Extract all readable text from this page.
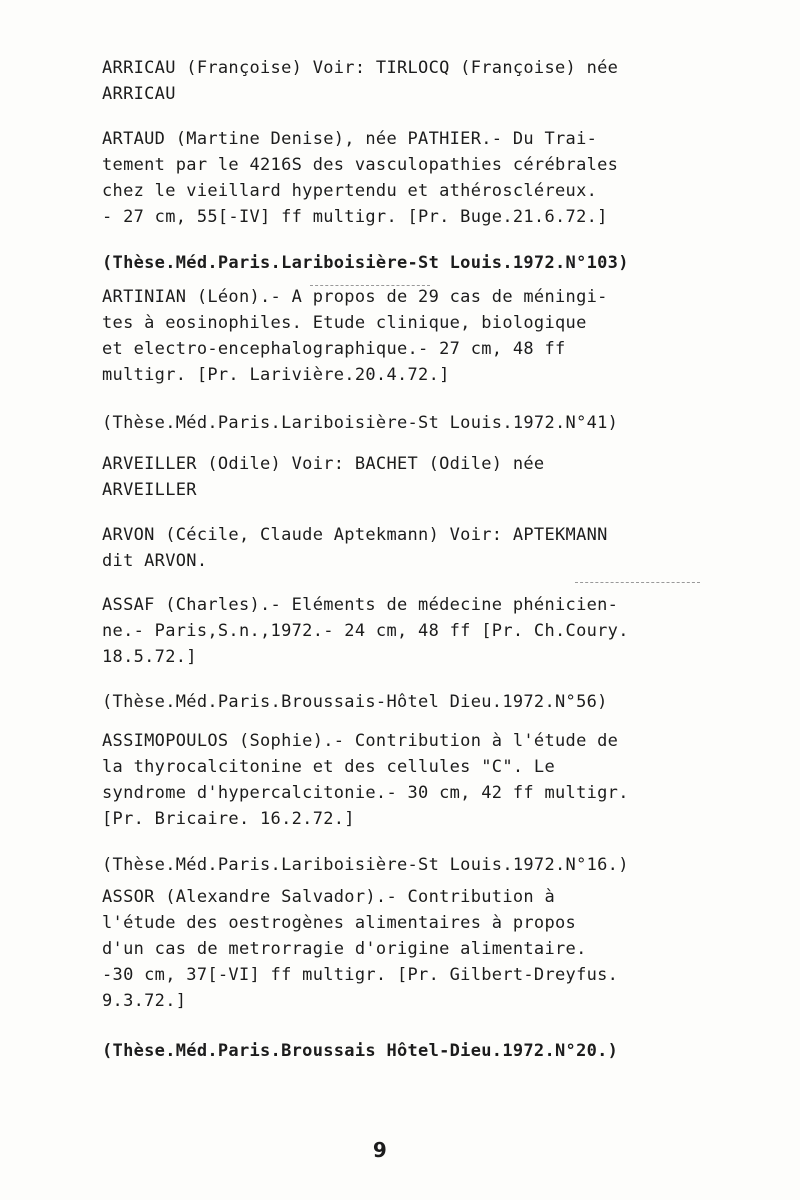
ARRICAU (Françoise) Voir: TIRLOCQ (Françoise) née
ARRICAU
ARTAUD (Martine Denise), née PATHIER.- Du Trai-
tement par le 4216S des vasculopathies cérébrales
chez le vieillard hypertendu et athéroscléreux.
- 27 cm, 55[-IV] ff multigr. [Pr. Buge.21.6.72.]
(Thèse.Méd.Paris.Lariboisière-St Louis.1972.N°103)
ARTINIAN (Léon).- A propos de 29 cas de méningi-
tes à eosinophiles. Etude clinique, biologique
et electro-encephalographique.- 27 cm, 48 ff
multigr. [Pr. Larivière.20.4.72.]
(Thèse.Méd.Paris.Lariboisière-St Louis.1972.N°41)
ARVEILLER (Odile) Voir: BACHET (Odile) née
ARVEILLER
ARVON (Cécile, Claude Aptekmann) Voir: APTEKMANN
dit ARVON.
ASSAF (Charles).- Eléments de médecine phénicien-
ne.- Paris,S.n.,1972.- 24 cm, 48 ff [Pr. Ch.Coury.
18.5.72.]
(Thèse.Méd.Paris.Broussais-Hôtel Dieu.1972.N°56)
ASSIMOPOULOS (Sophie).- Contribution à l'étude de
la thyrocalcitonine et des cellules "C". Le
syndrome d'hypercalcitonie.- 30 cm, 42 ff multigr.
[Pr. Bricaire. 16.2.72.]
(Thèse.Méd.Paris.Lariboisière-St Louis.1972.N°16.)
ASSOR (Alexandre Salvador).- Contribution à
l'étude des oestrogènes alimentaires à propos
d'un cas de metrorragie d'origine alimentaire.
-30 cm, 37[-VI] ff multigr. [Pr. Gilbert-Dreyfus.
9.3.72.]
(Thèse.Méd.Paris.Broussais Hôtel-Dieu.1972.N°20.)
9
